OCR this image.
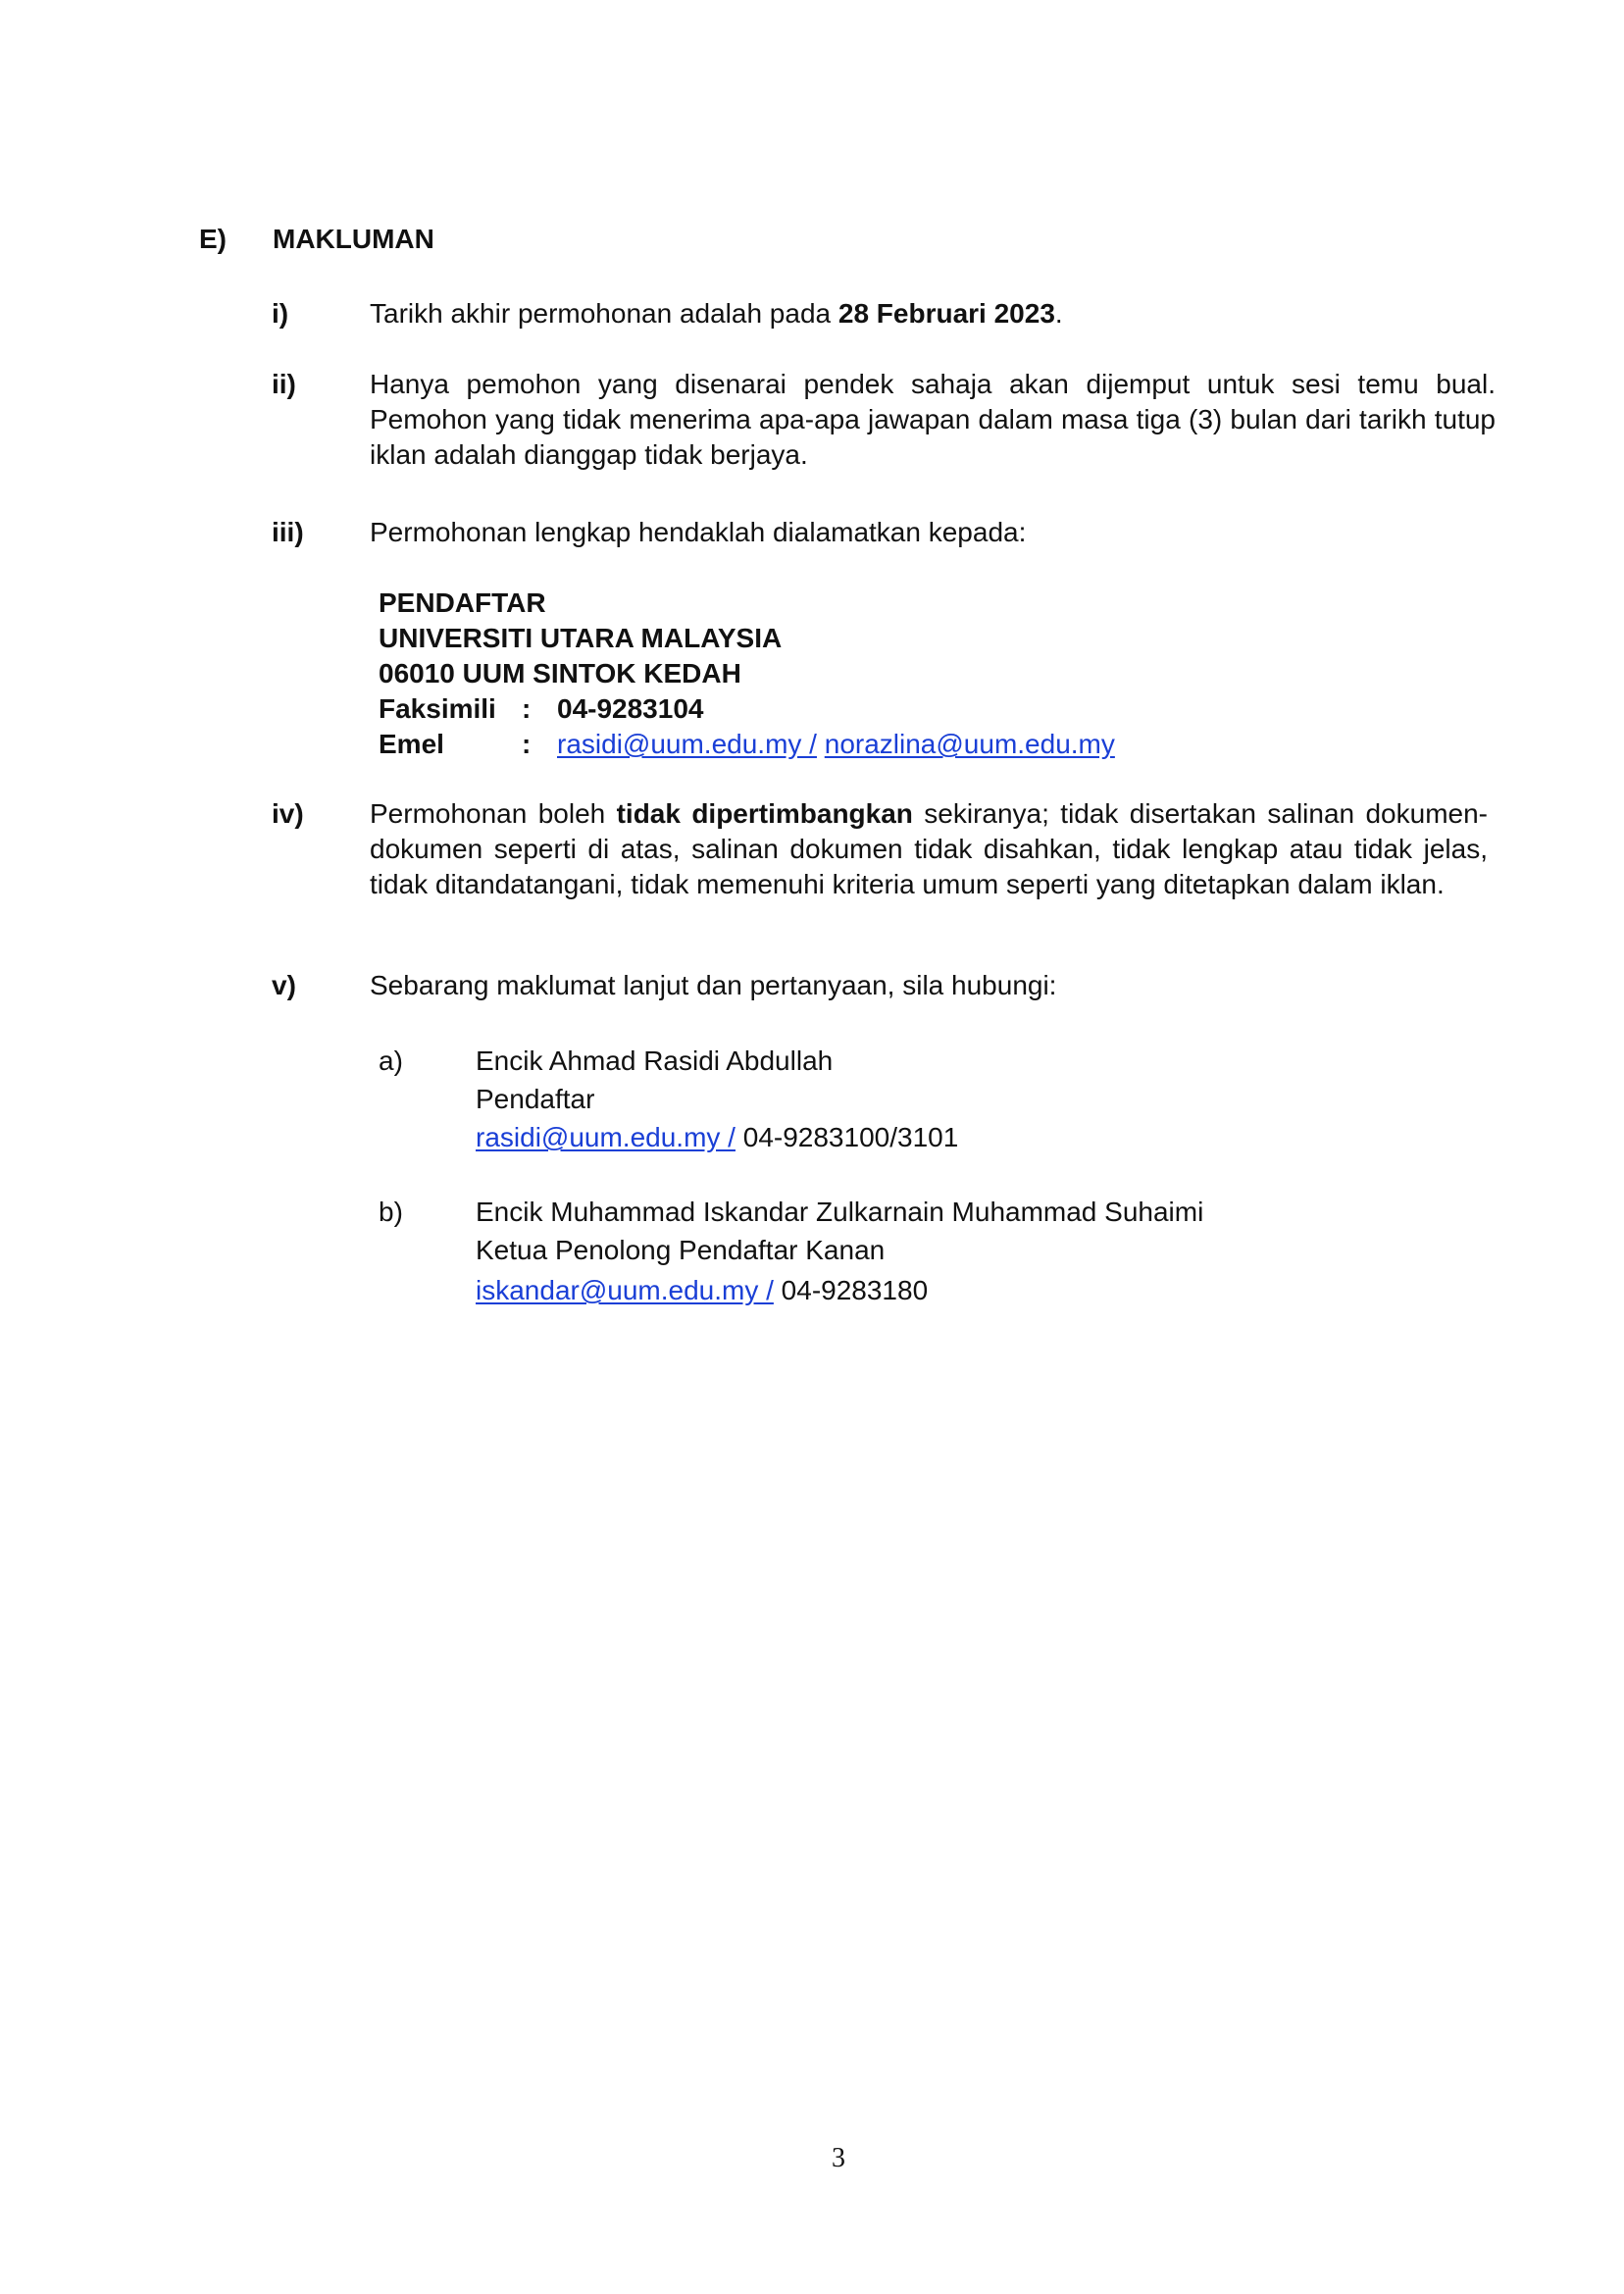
E) MAKLUMAN
i)	Tarikh akhir permohonan adalah pada 28 Februari 2023.
ii)	Hanya pemohon yang disenarai pendek sahaja akan dijemput untuk sesi temu bual. Pemohon yang tidak menerima apa-apa jawapan dalam masa tiga (3) bulan dari tarikh tutup iklan adalah dianggap tidak berjaya.
iii) Permohonan lengkap hendaklah dialamatkan kepada:
PENDAFTAR
UNIVERSITI UTARA MALAYSIA
06010 UUM SINTOK KEDAH
Faksimili : 04-9283104
Emel	: rasidi@uum.edu.my / norazlina@uum.edu.my
iv) Permohonan boleh tidak dipertimbangkan sekiranya; tidak disertakan salinan dokumen-dokumen seperti di atas, salinan dokumen tidak disahkan, tidak lengkap atau tidak jelas, tidak ditandatangani, tidak memenuhi kriteria umum seperti yang ditetapkan dalam iklan.
v)	Sebarang maklumat lanjut dan pertanyaan, sila hubungi:
a)	Encik Ahmad Rasidi Abdullah
Pendaftar
rasidi@uum.edu.my / 04-9283100/3101
b)	Encik Muhammad Iskandar Zulkarnain Muhammad Suhaimi
Ketua Penolong Pendaftar Kanan
iskandar@uum.edu.my / 04-9283180
3
